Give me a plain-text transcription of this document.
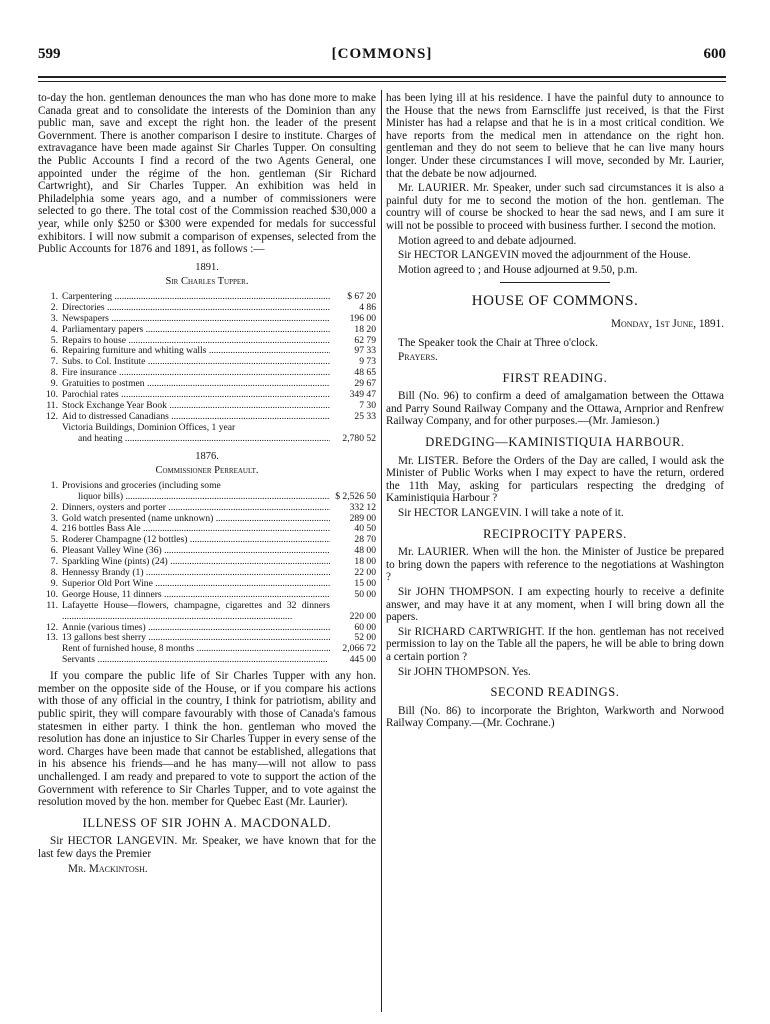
599	[COMMONS]	600

to-day the hon. gentleman denounces the man who has done more to make Canada great and to consolidate the interests of the Dominion than any public man, save and except the right hon. the leader of the present Government. There is another comparison I desire to institute. Charges of extravagance have been made against Sir Charles Tupper. On consulting the Public Accounts I find a record of the two Agents General, one appointed under the régime of the hon. gentleman (Sir Richard Cartwright), and Sir Charles Tupper. An exhibition was held in Philadelphia some years ago, and a number of commissioners were selected to go there. The total cost of the Commission reached $30,000 a year, while only $250 or $300 were expended for medals for successful exhibitors. I will now submit a comparison of expenses, selected from the Public Accounts for 1876 and 1891, as follows :—

1891.
Sir Charles Tupper.
1. Carpentering .....	$ 67 20
2. Directories .....	4 86
3. Newspapers .....	196 00
4. Parliamentary papers .....	18 20
5. Repairs to house .....	62 79
6. Repairing furniture and whiting walls .....	97 33
7. Subs. to Col. Institute .....	9 73
8. Fire insurance .....	48 65
9. Gratuities to postmen .....	29 67
10. Parochial rates .....	349 47
11. Stock Exchange Year Book .....	7 30
12. Aid to distressed Canadians .....	25 33
Victoria Buildings, Dominion Offices, 1 year
and heating .....	2,780 52
1876.
Commissioner Perreault.
1. Provisions and groceries (including some
liquor bills) .....	$ 2,526 50
2. Dinners, oysters and porter .....	332 12
3. Gold watch presented (name unknown) .....	289 00
4. 216 bottles Bass Ale .....	40 50
5. Roderer Champagne (12 bottles) .....	28 70
6. Pleasant Valley Wine (36) .....	48 00
7. Sparkling Wine (pints) (24) .....	18 00
8. Hennessy Brandy (1) .....	22 00
9. Superior Old Port Wine .....	15 00
10. George House, 11 dinners .....	50 00
11. Lafayette House—flowers, champagne, cigarettes and 32 dinners .....
220 00
12. Annie (various times) .....	60 00
13. 13 gallons best sherry .....	52 00
Rent of furnished house, 8 months .....	2,066 72
Servants .....	445 00

If you compare the public life of Sir Charles Tupper with any hon. member on the opposite side of the House, or if you compare his actions with those of any official in the country, I think for patriotism, ability and public spirit, they will compare favourably with those of Canada's famous statesmen in either party. I think the hon. gentleman who moved the resolution has done an injustice to Sir Charles Tupper in every sense of the word. Charges have been made that cannot be established, allegations that in his absence his friends—and he has many—will not allow to pass unchallenged. I am ready and prepared to vote to support the action of the Government with reference to Sir Charles Tupper, and to vote against the resolution moved by the hon. member for Quebec East (Mr. Laurier).

ILLNESS OF SIR JOHN A. MACDONALD.

Sir HECTOR LANGEVIN. Mr. Speaker, we have known that for the last few days the Premier

Mr. Mackintosh.

has been lying ill at his residence. I have the painful duty to announce to the House that the news from Earnscliffe just received, is that the First Minister has had a relapse and that he is in a most critical condition. We have reports from the medical men in attendance on the right hon. gentleman and they do not seem to believe that he can live many hours longer. Under these circumstances I will move, seconded by Mr. Laurier, that the debate be now adjourned.

Mr. LAURIER. Mr. Speaker, under such sad circumstances it is also a painful duty for me to second the motion of the hon. gentleman. The country will of course be shocked to hear the sad news, and I am sure it will not be possible to proceed with business further. I second the motion.

Motion agreed to and debate adjourned.

Sir HECTOR LANGEVIN moved the adjournment of the House.

Motion agreed to ; and House adjourned at 9.50, p.m.

HOUSE OF COMMONS.

Monday, 1st June, 1891.

The Speaker took the Chair at Three o'clock.

Prayers.

FIRST READING.

Bill (No. 96) to confirm a deed of amalgamation between the Ottawa and Parry Sound Railway Company and the Ottawa, Arnprior and Renfrew Railway Company, and for other purposes.—(Mr. Jamieson.)

DREDGING—KAMINISTIQUIA HARBOUR.

Mr. LISTER. Before the Orders of the Day are called, I would ask the Minister of Public Works when I may expect to have the return, ordered the 11th May, asking for particulars respecting the dredging of Kaministiquia Harbour ?

Sir HECTOR LANGEVIN. I will take a note of it.

RECIPROCITY PAPERS.

Mr. LAURIER. When will the hon. the Minister of Justice be prepared to bring down the papers with reference to the negotiations at Washington ?

Sir JOHN THOMPSON. I am expecting hourly to receive a definite answer, and may have it at any moment, when I will bring down all the papers.

Sir RICHARD CARTWRIGHT. If the hon. gentleman has not received permission to lay on the Table all the papers, he will be able to bring down a certain portion ?

Sir JOHN THOMPSON. Yes.

SECOND READINGS.

Bill (No. 86) to incorporate the Brighton, Warkworth and Norwood Railway Company.—(Mr. Cochrane.)
